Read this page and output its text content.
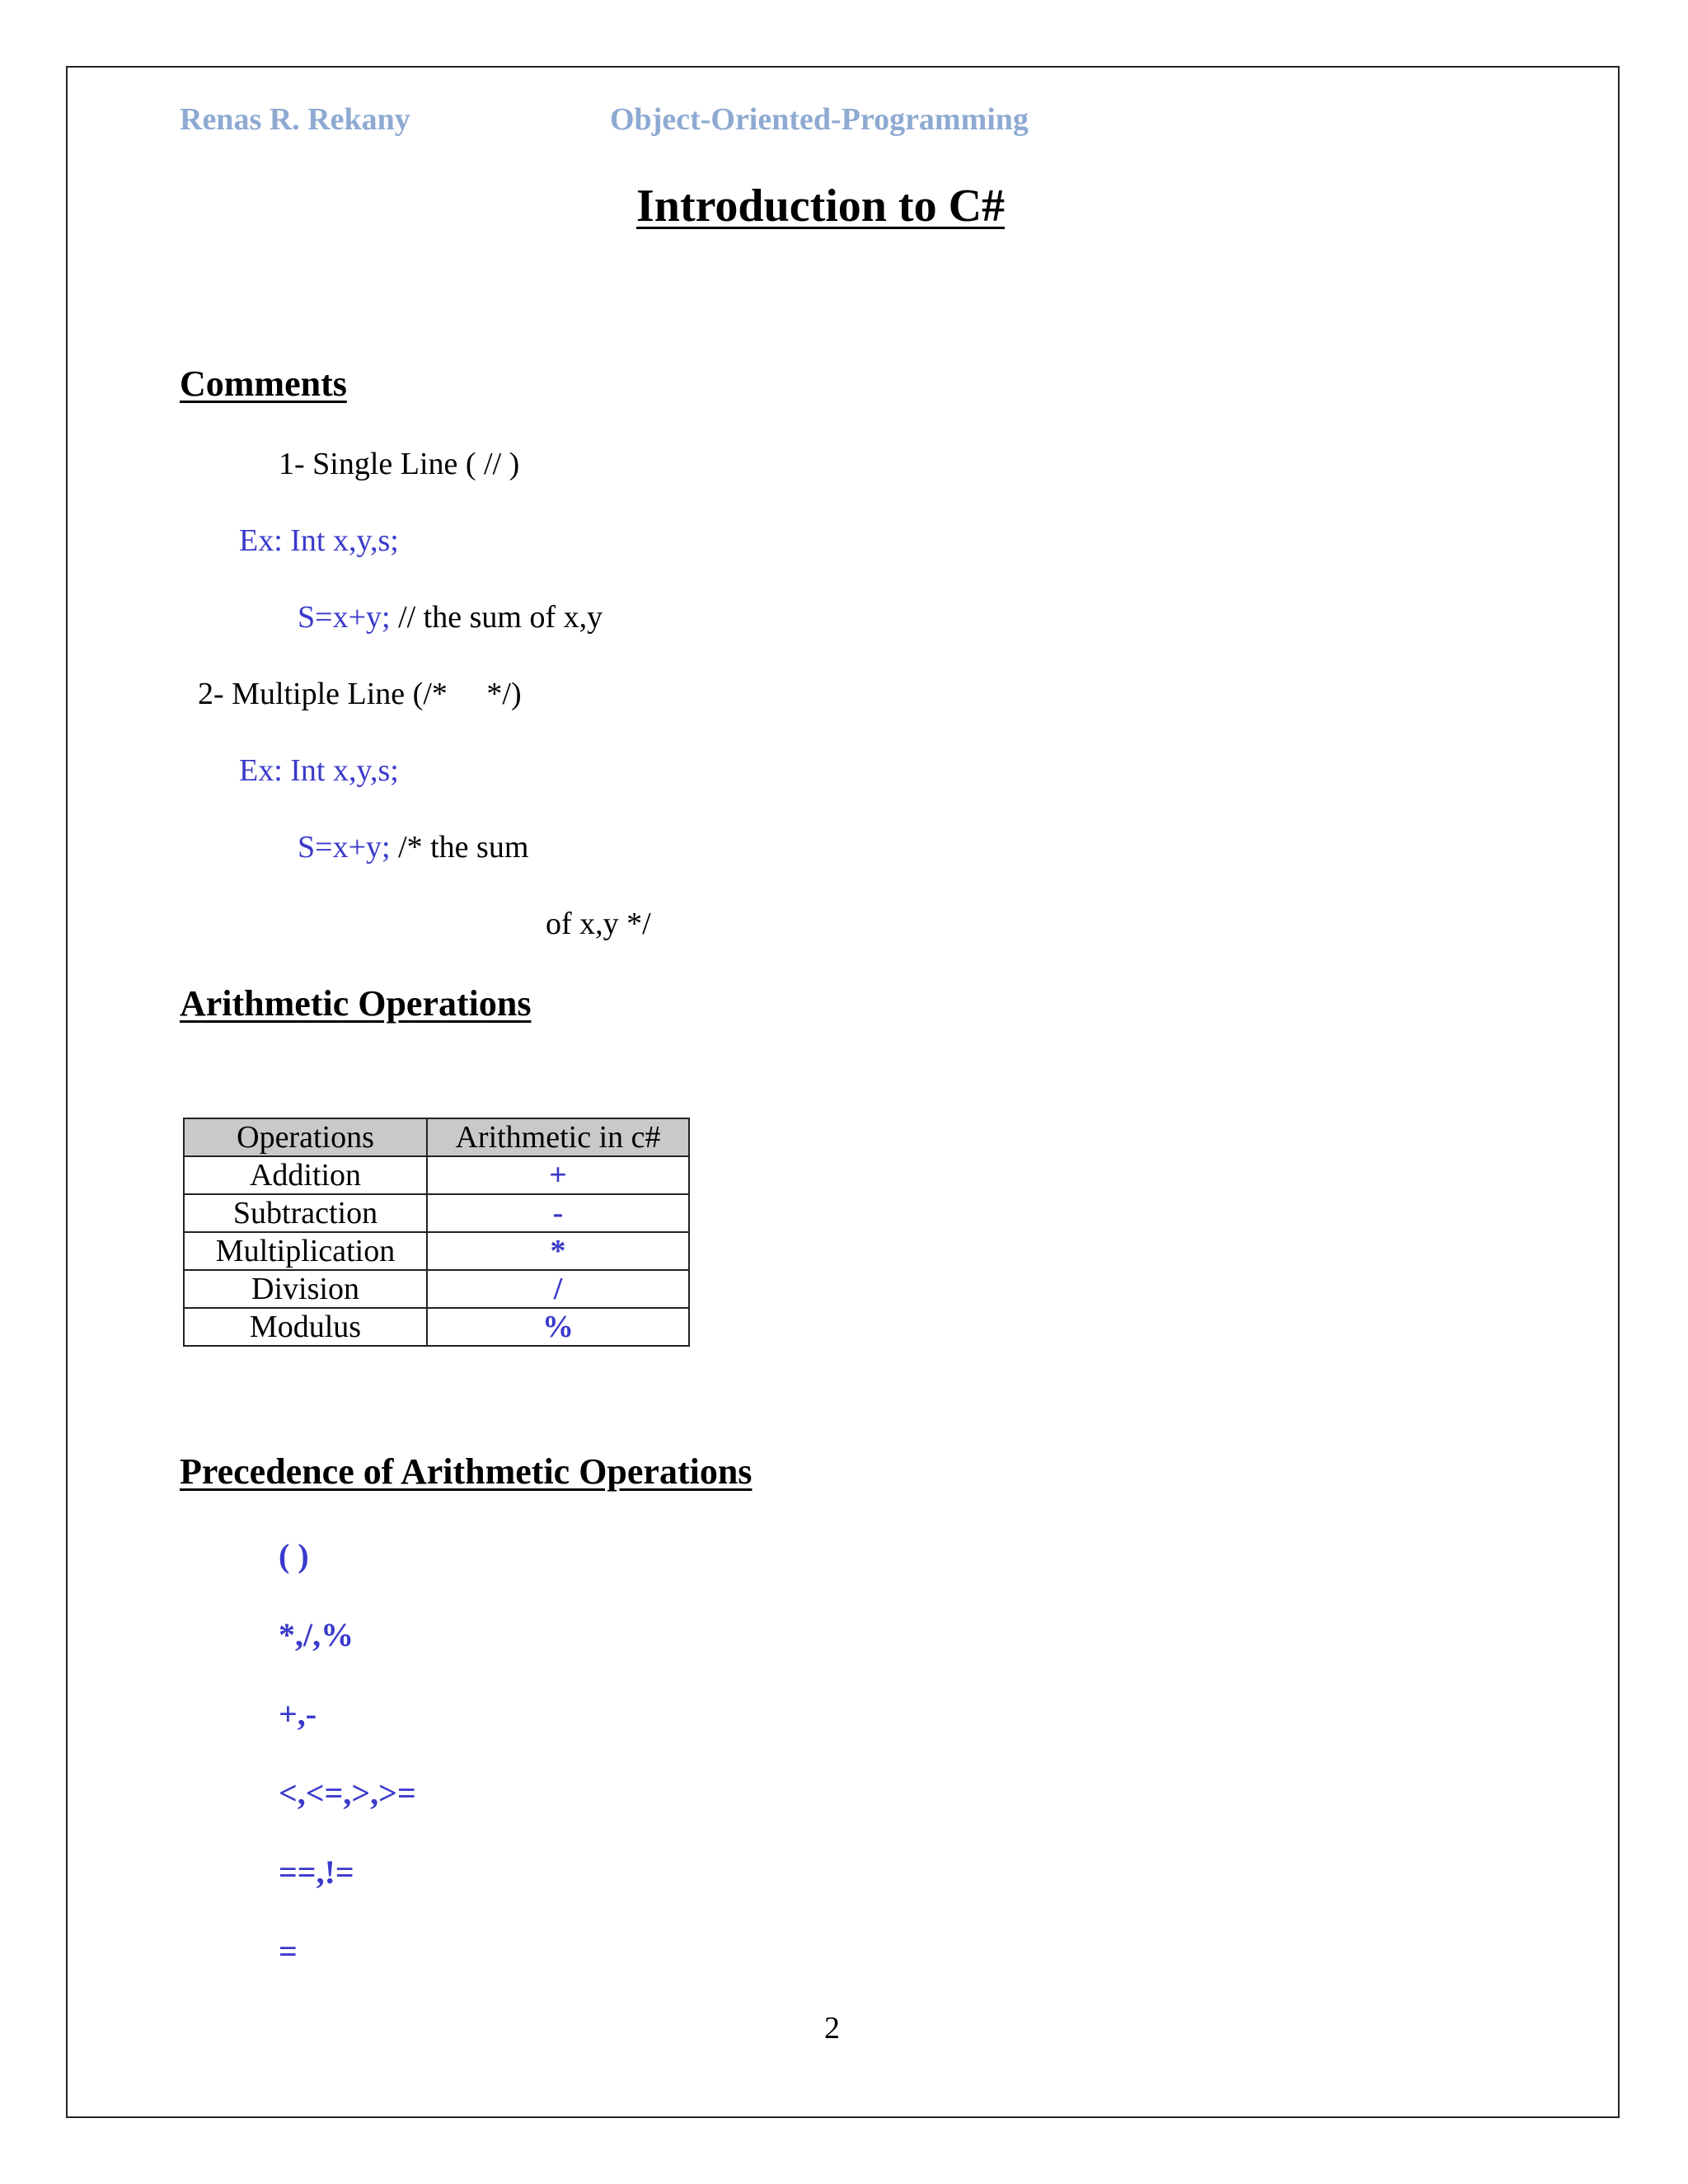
Renas R. Rekany	Object-Oriented-Programming
Introduction to C#
Comments
1- Single Line ( // )
Ex: Int x,y,s;
S=x+y; // the sum of x,y
2- Multiple Line (/*     */)
Ex: Int x,y,s;
S=x+y; /* the sum
of x,y */
Arithmetic Operations
Operations	Arithmetic in c#
Addition	+
Subtraction	-
Multiplication	*
Division	/
Modulus	%
Precedence of Arithmetic Operations
( )
*,/,%
+,-
<,<=,>,>=
==,!=
=
2
